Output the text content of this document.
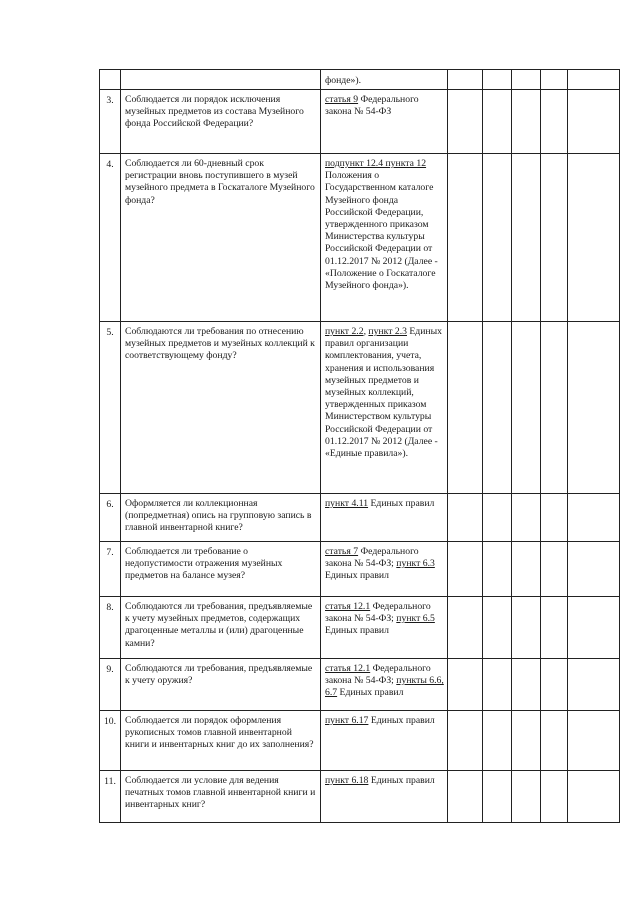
		фонде»).					

3.	Соблюдается ли порядок исключения музейных предметов из состава Музейного фонда Российской Федерации?	статья 9 Федерального закона № 54-ФЗ					

4.	Соблюдается ли 60-дневный срок регистрации вновь поступившего в музей музейного предмета в Госкаталоге Музейного фонда?	подпункт 12.4 пункта 12 Положения о Государственном каталоге Музейного фонда Российской Федерации, утвержденного приказом Министерства культуры Российской Федерации от 01.12.2017 № 2012 (Далее - «Положение о Госкаталоге Музейного фонда»).					

5.	Соблюдаются ли требования по отнесению музейных предметов и музейных коллекций к соответствующему фонду?	пункт 2.2, пункт 2.3 Единых правил организации комплектования, учета, хранения и использования музейных предметов и музейных коллекций, утвержденных приказом Министерством культуры Российской Федерации от 01.12.2017 № 2012 (Далее - «Единые правила»).					

6.	Оформляется ли коллекционная (попредметная) опись на групповую запись в главной инвентарной книге?	пункт 4.11 Единых правил					

7.	Соблюдается ли требование о недопустимости отражения музейных предметов на балансе музея?	статья 7 Федерального закона № 54-ФЗ; пункт 6.3 Единых правил					

8.	Соблюдаются ли требования, предъявляемые к учету музейных предметов, содержащих драгоценные металлы и (или) драгоценные камни?	статья 12.1 Федерального закона № 54-ФЗ; пункт 6.5 Единых правил					

9.	Соблюдаются ли требования, предъявляемые к учету оружия?	статья 12.1 Федерального закона № 54-ФЗ; пункты 6.6, 6.7 Единых правил					

10.	Соблюдается ли порядок оформления рукописных томов главной инвентарной книги и инвентарных книг до их заполнения?	пункт 6.17 Единых правил					

11.	Соблюдается ли условие для ведения печатных томов главной инвентарной книги и инвентарных книг?	пункт 6.18 Единых правил					
